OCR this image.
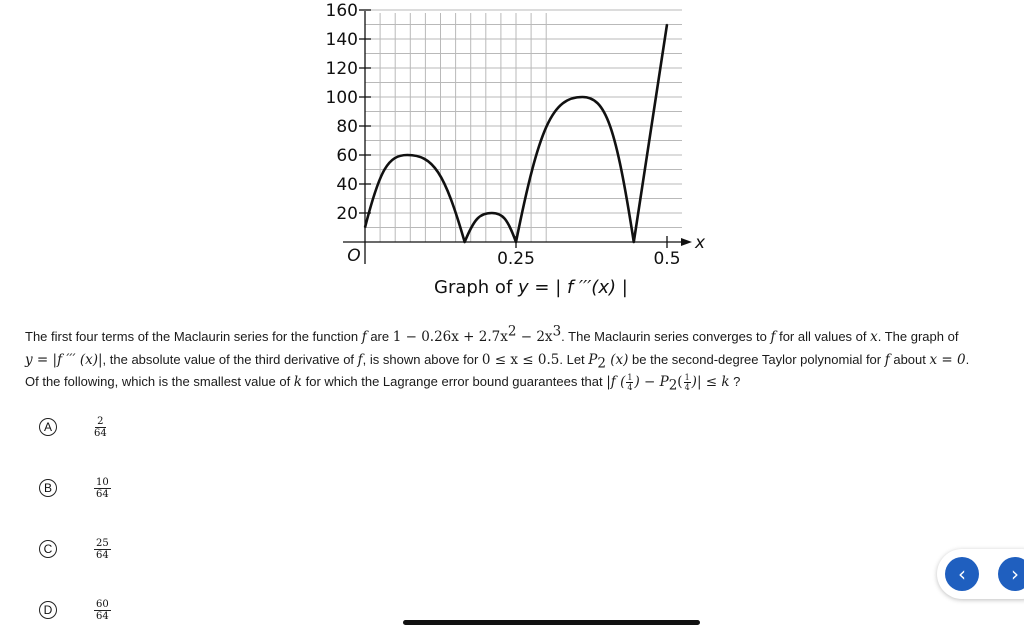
20
40
60
80
100
120
140
160
0.25	0.5
O
x
Graph of y = | f ′′′(x) |
The first four terms of the Maclaurin series for the function f are $1 - 0.26x + 2.7x^2 - 2x^3$. The Maclaurin series converges to f for all values of x. The graph of
y = |f ′′′ (x)|, the absolute value of the third derivative of f, is shown above for 0 ≤ x ≤ 0.5. Let $P_2$ (x) be the second-degree Taylor polynomial for f about x = 0.
Of the following, which is the smallest value of k for which the Lagrange error bound guarantees that |f ( $\frac{1}{4}$ ) − $P_2( \frac{1}{4}$ )| ≤ k ?
A	$\frac{2}{64}$
B	$\frac{10}{64}$
C	$\frac{25}{64}$
D	$\frac{60}{64}$
‹ ›
